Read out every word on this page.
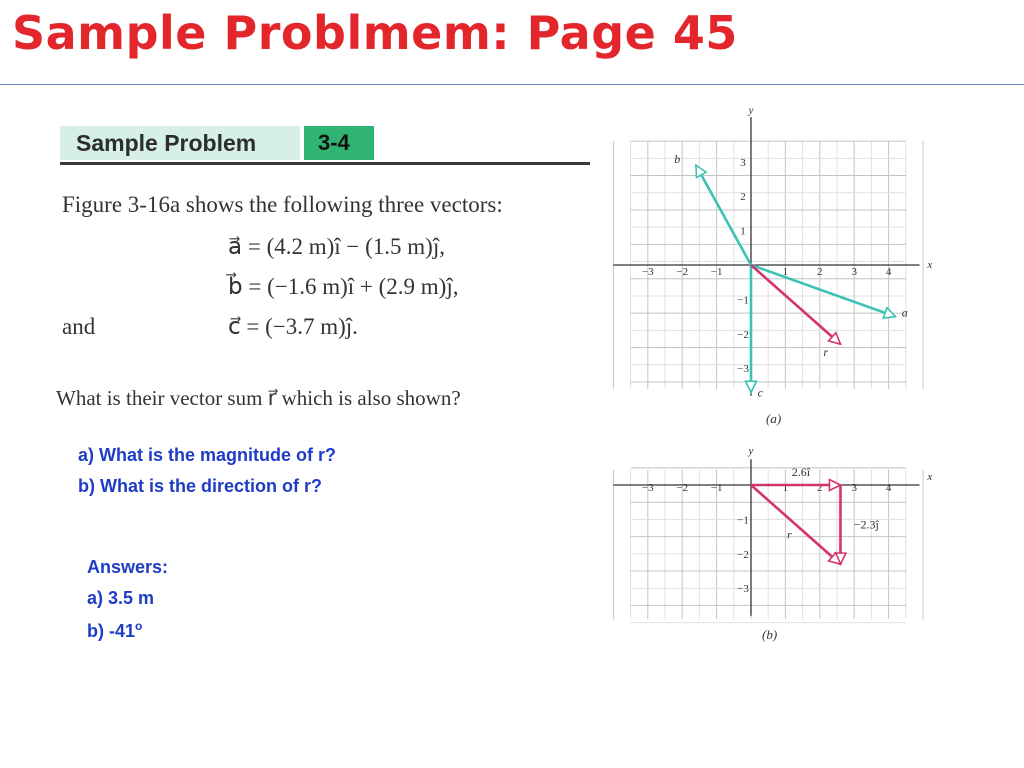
Sample Problmem: Page 45
Sample Problem	3-4
Figure 3-16a shows the following three vectors:
a⃗ = (4.2 m)î − (1.5 m)ĵ,
b⃗ = (−1.6 m)î + (2.9 m)ĵ,
and	c⃗ = (−3.7 m)ĵ.
What is their vector sum r⃗ which is also shown?
a) What is the magnitude of r?
b) What is the direction of r?
Answers:
a) 3.5 m
b) -41$^o$
x
y
−3 −2 −1	1	2	3	4
3
2
1
−1
−2
−3
a⃗
b⃗
c⃗
r⃗
(a)
x
y
−3 −2 −1	1	2	3	4
−1
−2
−3
2.6î
−2.3ĵ
r⃗
(b)
